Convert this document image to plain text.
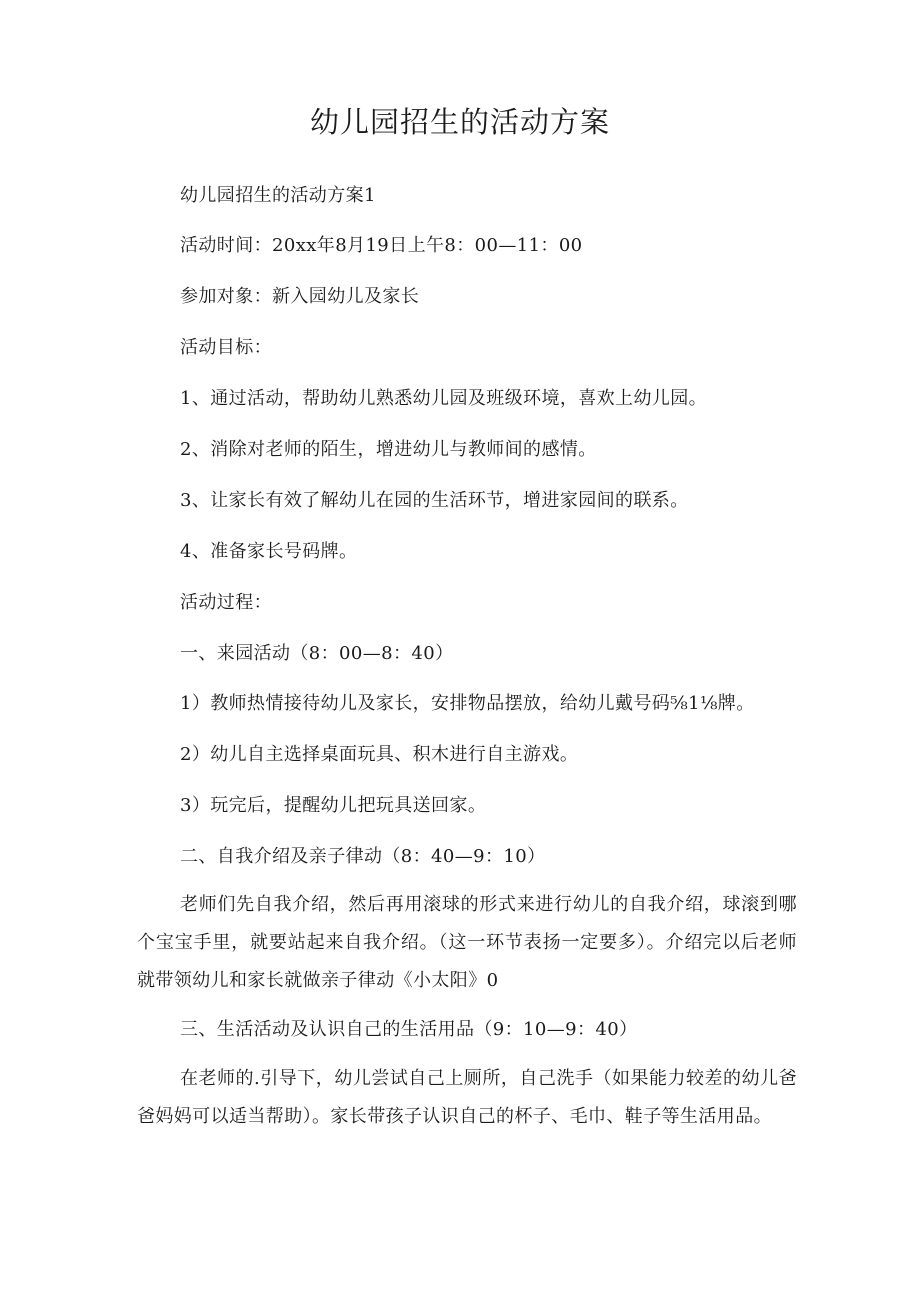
幼儿园招生的活动方案
幼儿园招生的活动方案1
活动时间：20xx年8月19日上午8：00—11：00
参加对象：新入园幼儿及家长
活动目标：
1、通过活动，帮助幼儿熟悉幼儿园及班级环境，喜欢上幼儿园。
2、消除对老师的陌生，增进幼儿与教师间的感情。
3、让家长有效了解幼儿在园的生活环节，增进家园间的联系。
4、准备家长号码牌。
活动过程：
一、来园活动（8：00—8：40）
1）教师热情接待幼儿及家长，安排物品摆放，给幼儿戴号码⅝1⅛牌。
2）幼儿自主选择桌面玩具、积木进行自主游戏。
3）玩完后，提醒幼儿把玩具送回家。
二、自我介绍及亲子律动（8：40—9：10）
老师们先自我介绍，然后再用滚球的形式来进行幼儿的自我介绍，球滚到哪个宝宝手里，就要站起来自我介绍。（这一环节表扬一定要多）。介绍完以后老师就带领幼儿和家长就做亲子律动《小太阳》0
三、生活活动及认识自己的生活用品（9：10—9：40）
在老师的.引导下，幼儿尝试自己上厕所，自己洗手（如果能力较差的幼儿爸爸妈妈可以适当帮助）。家长带孩子认识自己的杯子、毛巾、鞋子等生活用品。
